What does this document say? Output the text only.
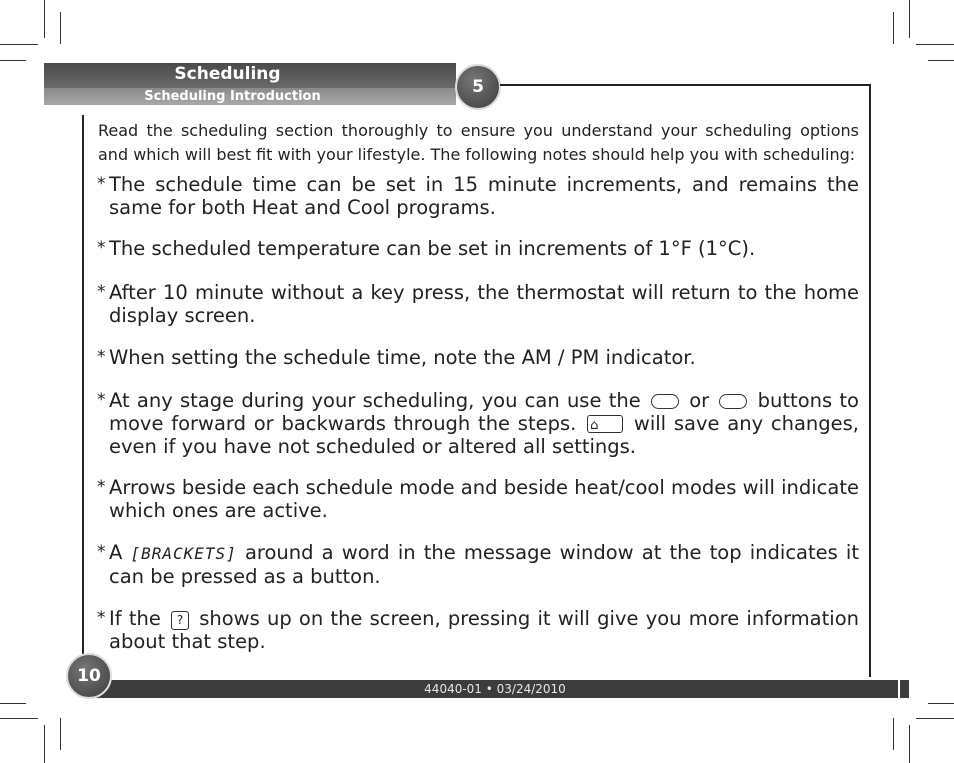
Scheduling
Scheduling Introduction	5

Read the scheduling section thoroughly to ensure you understand your scheduling options and which will best fit with your lifestyle. The following notes should help you with scheduling:

* The schedule time can be set in 15 minute increments, and remains the same for both Heat and Cool programs.

* The scheduled temperature can be set in increments of 1°F (1°C).

* After 10 minute without a key press, the thermostat will return to the home display screen.

* When setting the schedule time, note the AM / PM indicator.

* At any stage during your scheduling, you can use the or buttons to move forward or backwards through the steps. ⌂ will save any changes, even if you have not scheduled or altered all settings.

* Arrows beside each schedule mode and beside heat/cool modes will indicate which ones are active.

* A [BRACKETS] around a word in the message window at the top indicates it can be pressed as a button.

* If the ? shows up on the screen, pressing it will give you more information about that step.

44040-01 • 03/24/2010
10
